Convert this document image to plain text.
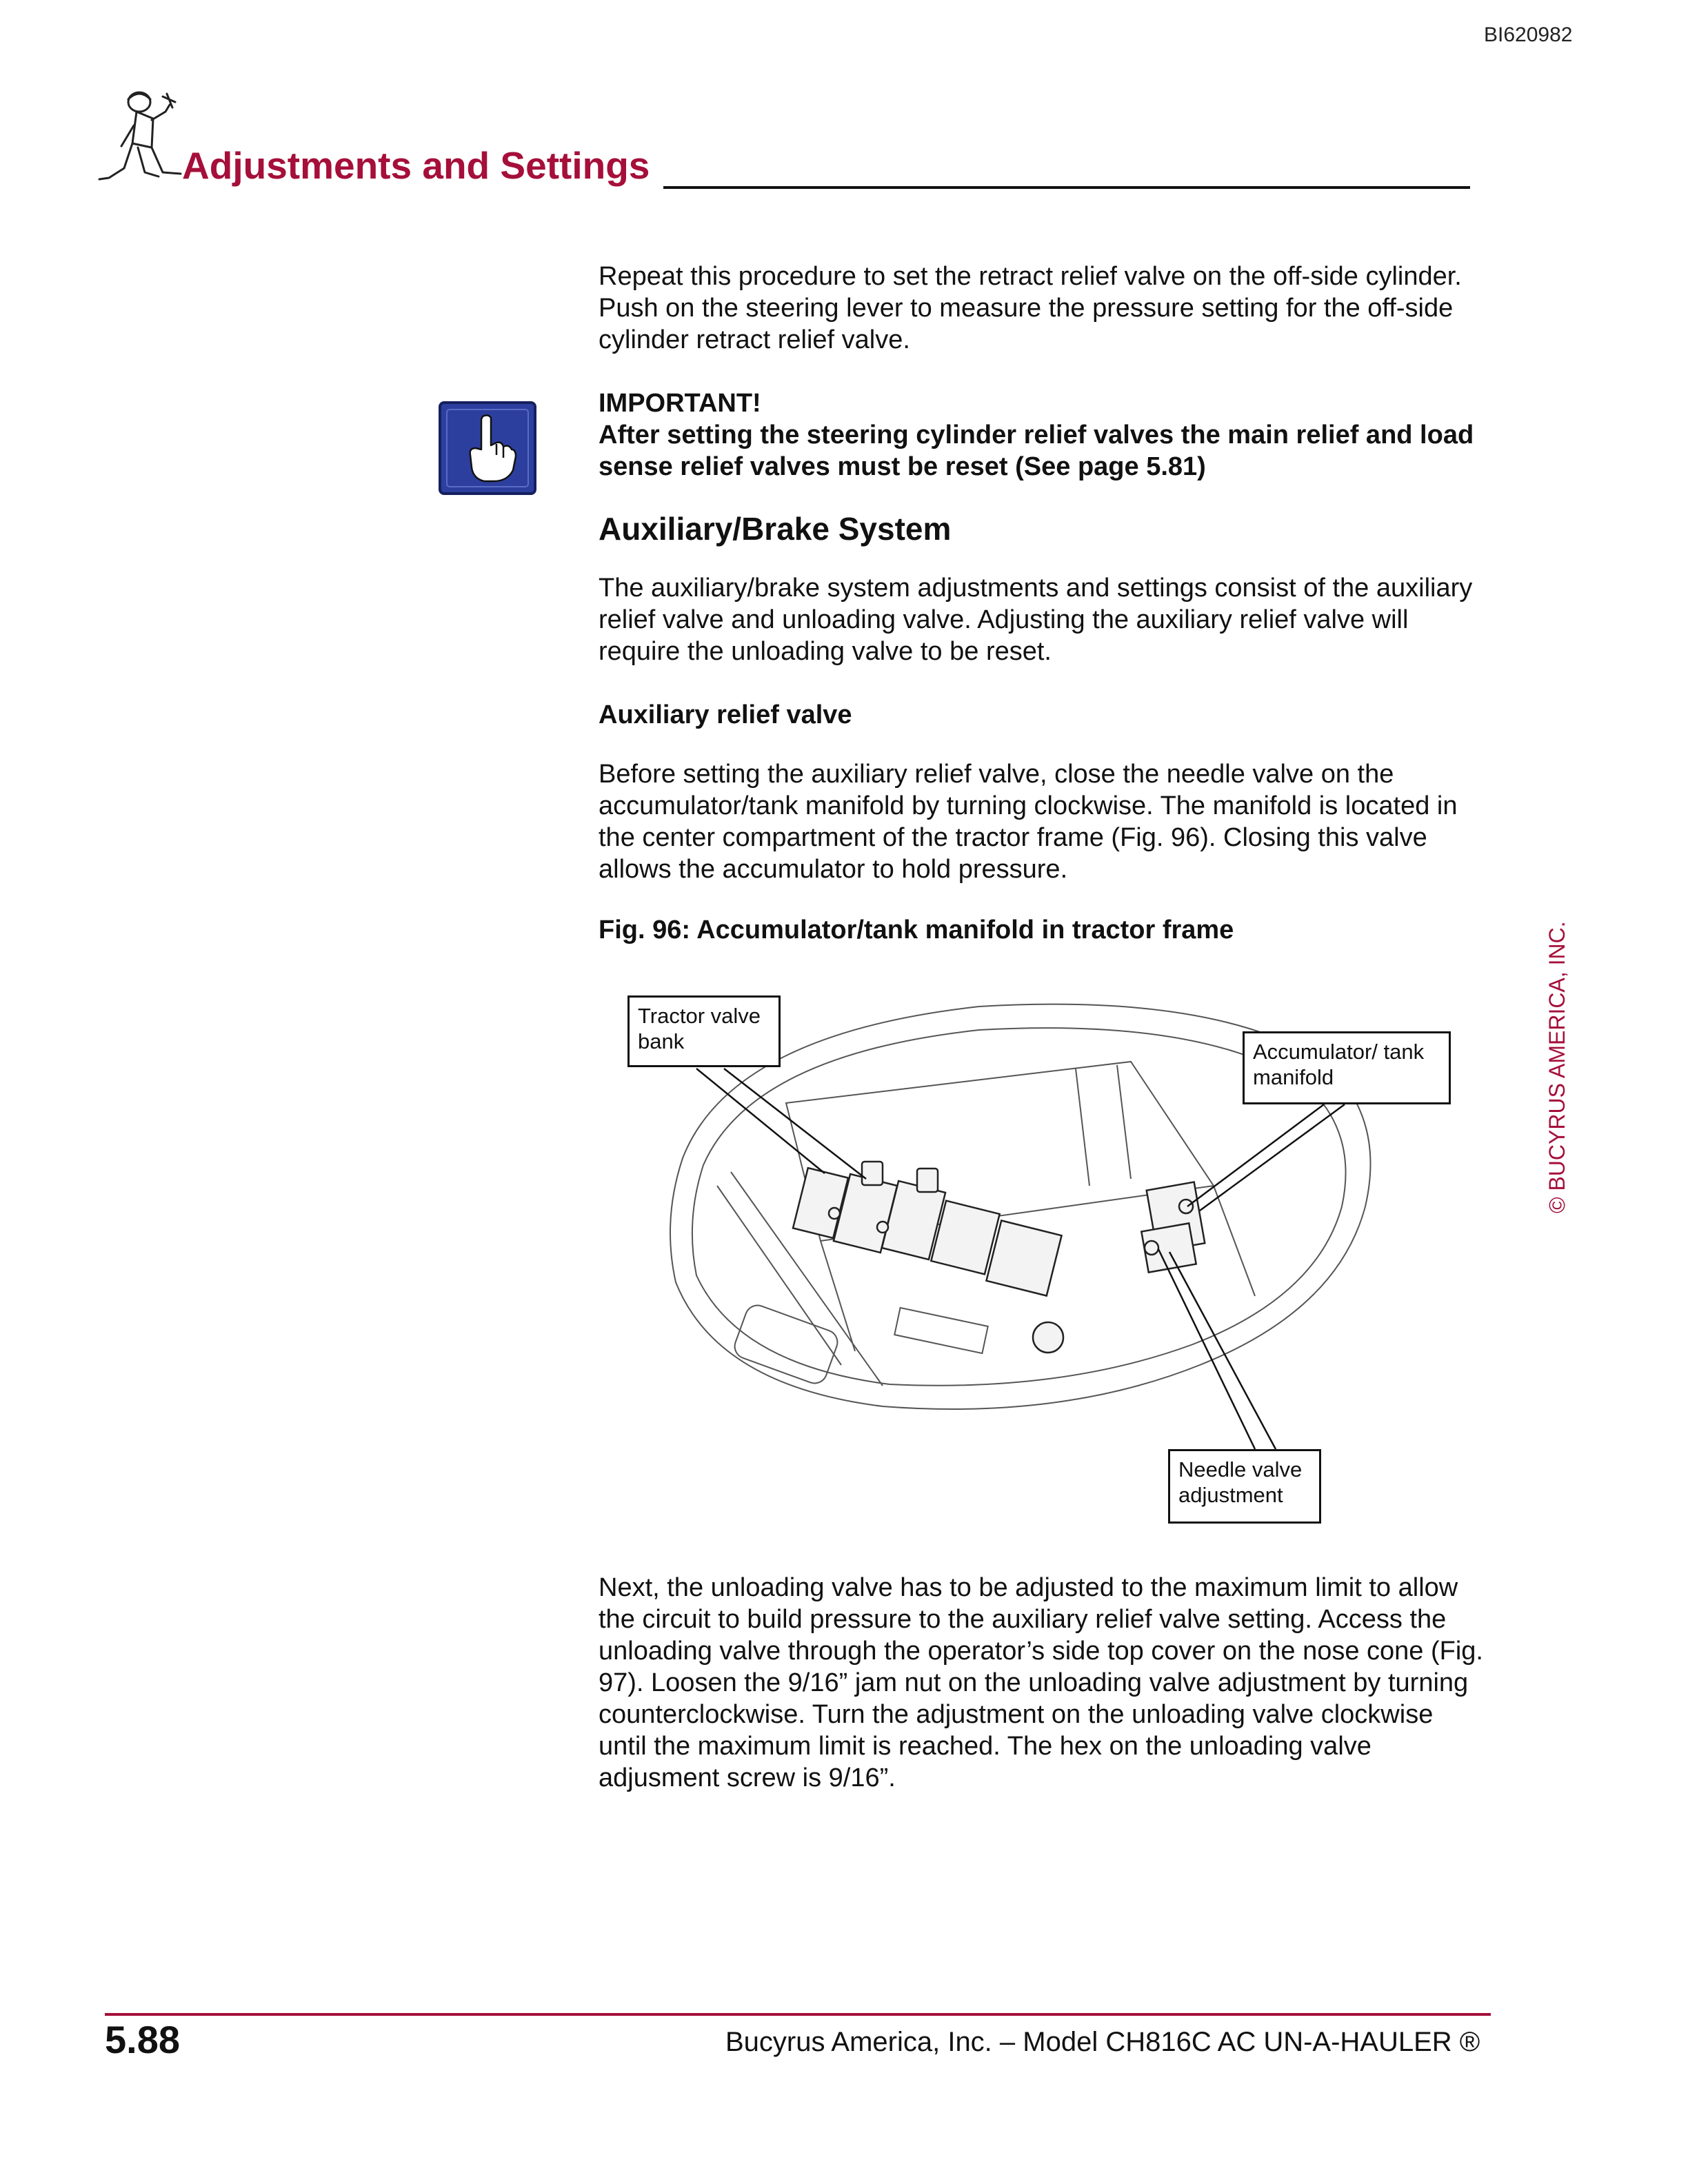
BI620982
Adjustments and Settings

Repeat this procedure to set the retract relief valve on the off-side cylinder. Push on the steering lever to measure the pressure setting for the off-side cylinder retract relief valve.

IMPORTANT!
After setting the steering cylinder relief valves the main relief and load sense relief valves must be reset (See page 5.81)
Auxiliary/Brake System

The auxiliary/brake system adjustments and settings consist of the auxiliary relief valve and unloading valve. Adjusting the auxiliary relief valve will require the unloading valve to be reset.

Auxiliary relief valve

Before setting the auxiliary relief valve, close the needle valve on the accumulator/tank manifold by turning clockwise. The manifold is located in the center compartment of the tractor frame (Fig. 96). Closing this valve allows the accumulator to hold pressure.

Fig. 96: Accumulator/tank manifold in tractor frame
Tractor valve bank	Accumulator/ tank manifold
Needle valve adjustment

Next, the unloading valve has to be adjusted to the maximum limit to allow the circuit to build pressure to the auxiliary relief valve setting. Access the unloading valve through the operator’s side top cover on the nose cone (Fig. 97). Loosen the 9/16” jam nut on the unloading valve adjustment by turning counterclockwise. Turn the adjustment on the unloading valve clockwise until the maximum limit is reached. The hex on the unloading valve adjusment screw is 9/16”.

© BUCYRUS AMERICA, INC.
5.88	Bucyrus America, Inc. – Model CH816C AC UN-A-HAULER ®
